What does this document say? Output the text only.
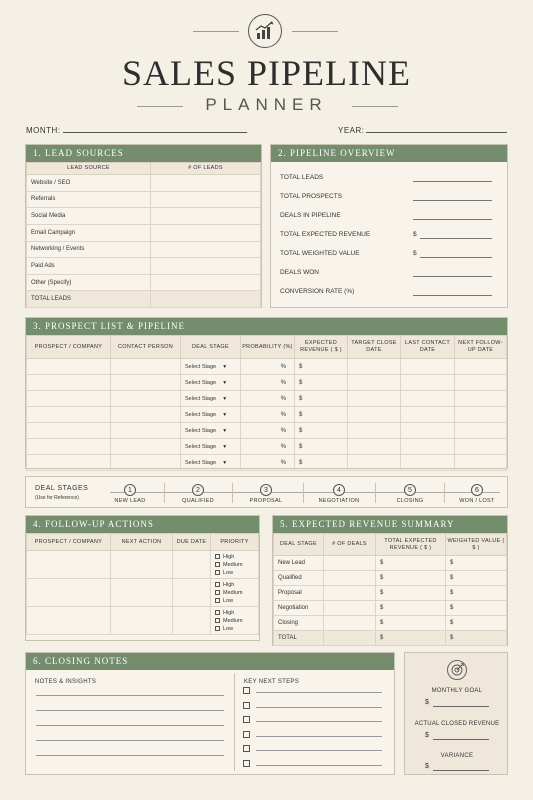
SALES PIPELINE
PLANNER
MONTH:	YEAR:
1. LEAD SOURCES
LEAD SOURCE	# OF LEADS
Website / SEO	
Referrals	
Social Media	
Email Campaign	
Networking / Events	
Paid Ads	
Other (Specify)	
TOTAL LEADS	
2. PIPELINE OVERVIEW
TOTAL LEADS
TOTAL PROSPECTS
DEALS IN PIPELINE
TOTAL EXPECTED REVENUE	$
TOTAL WEIGHTED VALUE	$
DEALS WON
CONVERSION RATE (%)
3. PROSPECT LIST & PIPELINE
PROSPECT / COMPANY	CONTACT PERSON	DEAL STAGE	PROBABILITY (%)	EXPECTED REVENUE ( $ )	TARGET CLOSE DATE	LAST CONTACT DATE	NEXT FOLLOW-UP DATE
		Select Stage ▼	%	$			
		Select Stage ▼	%	$			
		Select Stage ▼	%	$			
		Select Stage ▼	%	$			
		Select Stage ▼	%	$			
		Select Stage ▼	%	$			
		Select Stage ▼	%	$			
DEAL STAGES
(Use for Reference)
1
NEW LEAD
2
QUALIFIED
3
PROPOSAL
4
NEGOTIATION
5
CLOSING
6
WON / LOST
4. FOLLOW-UP ACTIONS
PROSPECT / COMPANY	NEXT ACTION	DUE DATE	PRIORITY

			High
Medium
Low

			High
Medium
Low

			High
Medium
Low
5. EXPECTED REVENUE SUMMARY
DEAL STAGE	# OF DEALS	TOTAL EXPECTED REVENUE ( $ )	WEIGHTED VALUE ( $ )
New Lead		$	$
Qualified		$	$
Proposal		$	$
Negotiation		$	$
Closing		$	$
TOTAL		$	$
6. CLOSING NOTES
NOTES & INSIGHTS	KEY NEXT STEPS
MONTHLY GOAL
$
ACTUAL CLOSED REVENUE
$
VARIANCE
$
